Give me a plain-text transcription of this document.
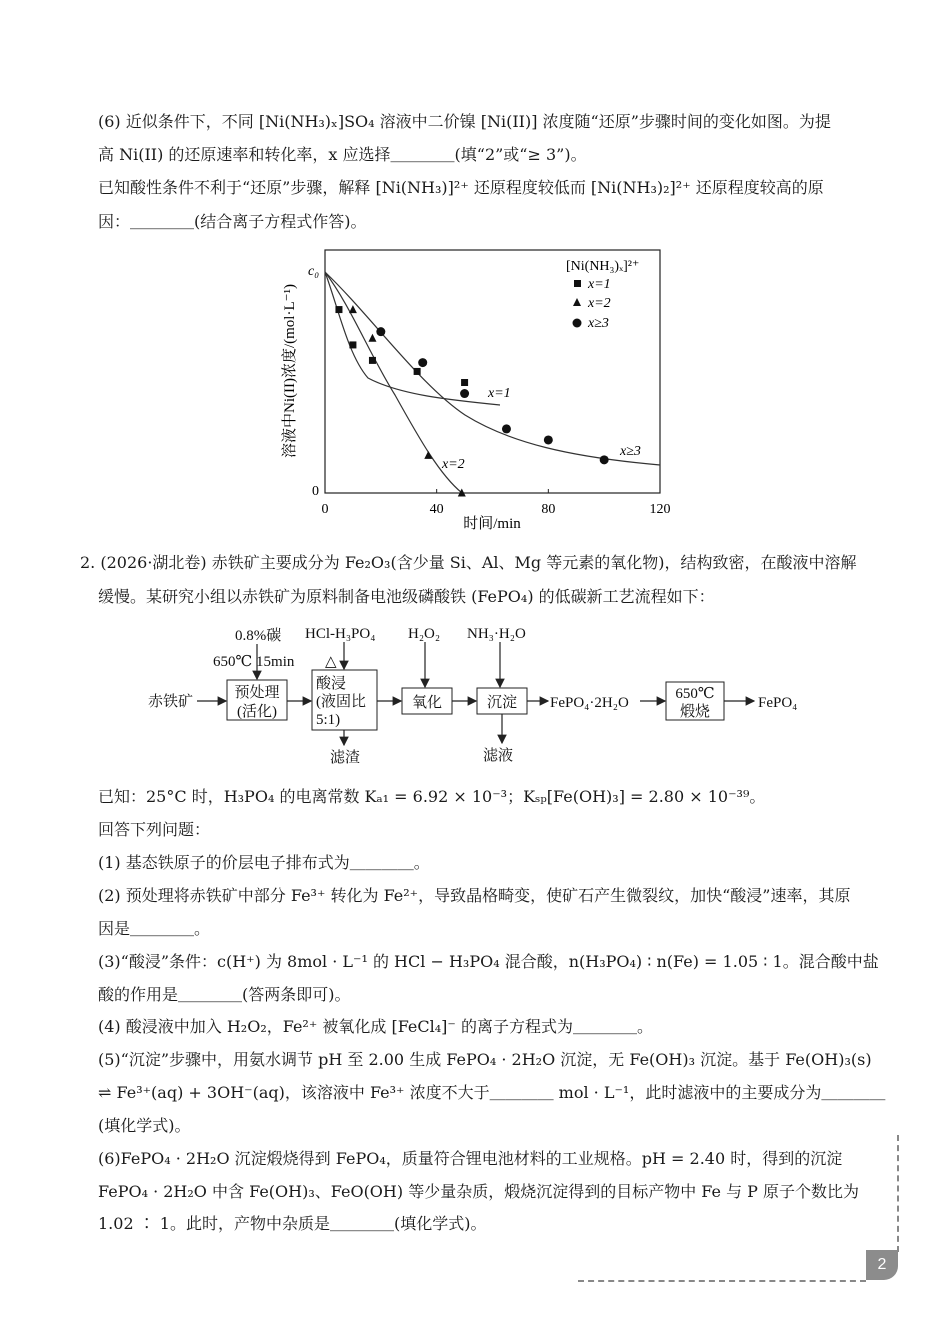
(6) 近似条件下，不同 [Ni(NH₃)ₓ]SO₄ 溶液中二价镍 [Ni(II)] 浓度随“还原”步骤时间的变化如图。为提
高 Ni(II) 的还原速率和转化率，x 应选择＿＿＿＿(填“2”或“≥ 3”)。
已知酸性条件不利于“还原”步骤，解释 [Ni(NH₃)]²⁺ 还原程度较低而 [Ni(NH₃)₂]²⁺ 还原程度较高的原
因：＿＿＿＿(结合离子方程式作答)。
溶液中Ni(II)浓度/(mol·L⁻¹)
c₀
0
0	40	80	120
时间/min
x=1
x=2
x≥3
[Ni(NH₃)ₓ]²⁺
x=1
x=2
x≥3
2. (2026·湖北卷) 赤铁矿主要成分为 Fe₂O₃(含少量 Si、Al、Mg 等元素的氧化物)，结构致密，在酸液中溶解
缓慢。某研究小组以赤铁矿为原料制备电池级磷酸铁 (FePO₄) 的低碳新工艺流程如下：
0.8%碳
650℃ 15min
HCl-H₃PO₄
△
H₂O₂ NH₃·H₂O
赤铁矿
预处理
(活化)
酸浸
(液固比
5:1)
氧化	沉淀 FePO₄·2H₂O
650℃
煅烧
FePO₄
滤渣	滤液
已知：25°C 时，H₃PO₄ 的电离常数 Kₐ₁ = 6.92 × 10⁻³；Kₛₚ[Fe(OH)₃] = 2.80 × 10⁻³⁹。
回答下列问题：
(1) 基态铁原子的价层电子排布式为＿＿＿＿。
(2) 预处理将赤铁矿中部分 Fe³⁺ 转化为 Fe²⁺，导致晶格畸变，使矿石产生微裂纹，加快“酸浸”速率，其原
因是＿＿＿＿。
(3)“酸浸”条件：c(H⁺) 为 8mol · L⁻¹ 的 HCl − H₃PO₄ 混合酸，n(H₃PO₄) ∶ n(Fe) = 1.05 ∶ 1。混合酸中盐
酸的作用是＿＿＿＿(答两条即可)。
(4) 酸浸液中加入 H₂O₂，Fe²⁺ 被氧化成 [FeCl₄]⁻ 的离子方程式为＿＿＿＿。
(5)“沉淀”步骤中，用氨水调节 pH 至 2.00 生成 FePO₄ · 2H₂O 沉淀，无 Fe(OH)₃ 沉淀。基于 Fe(OH)₃(s)
⇌ Fe³⁺(aq) + 3OH⁻(aq)，该溶液中 Fe³⁺ 浓度不大于＿＿＿＿ mol · L⁻¹，此时滤液中的主要成分为＿＿＿＿
(填化学式)。
(6)FePO₄ · 2H₂O 沉淀煅烧得到 FePO₄，质量符合锂电池材料的工业规格。pH = 2.40 时，得到的沉淀
FePO₄ · 2H₂O 中含 Fe(OH)₃、FeO(OH) 等少量杂质，煅烧沉淀得到的目标产物中 Fe 与 P 原子个数比为
1.02 ∶ 1。此时，产物中杂质是＿＿＿＿(填化学式)。
2
